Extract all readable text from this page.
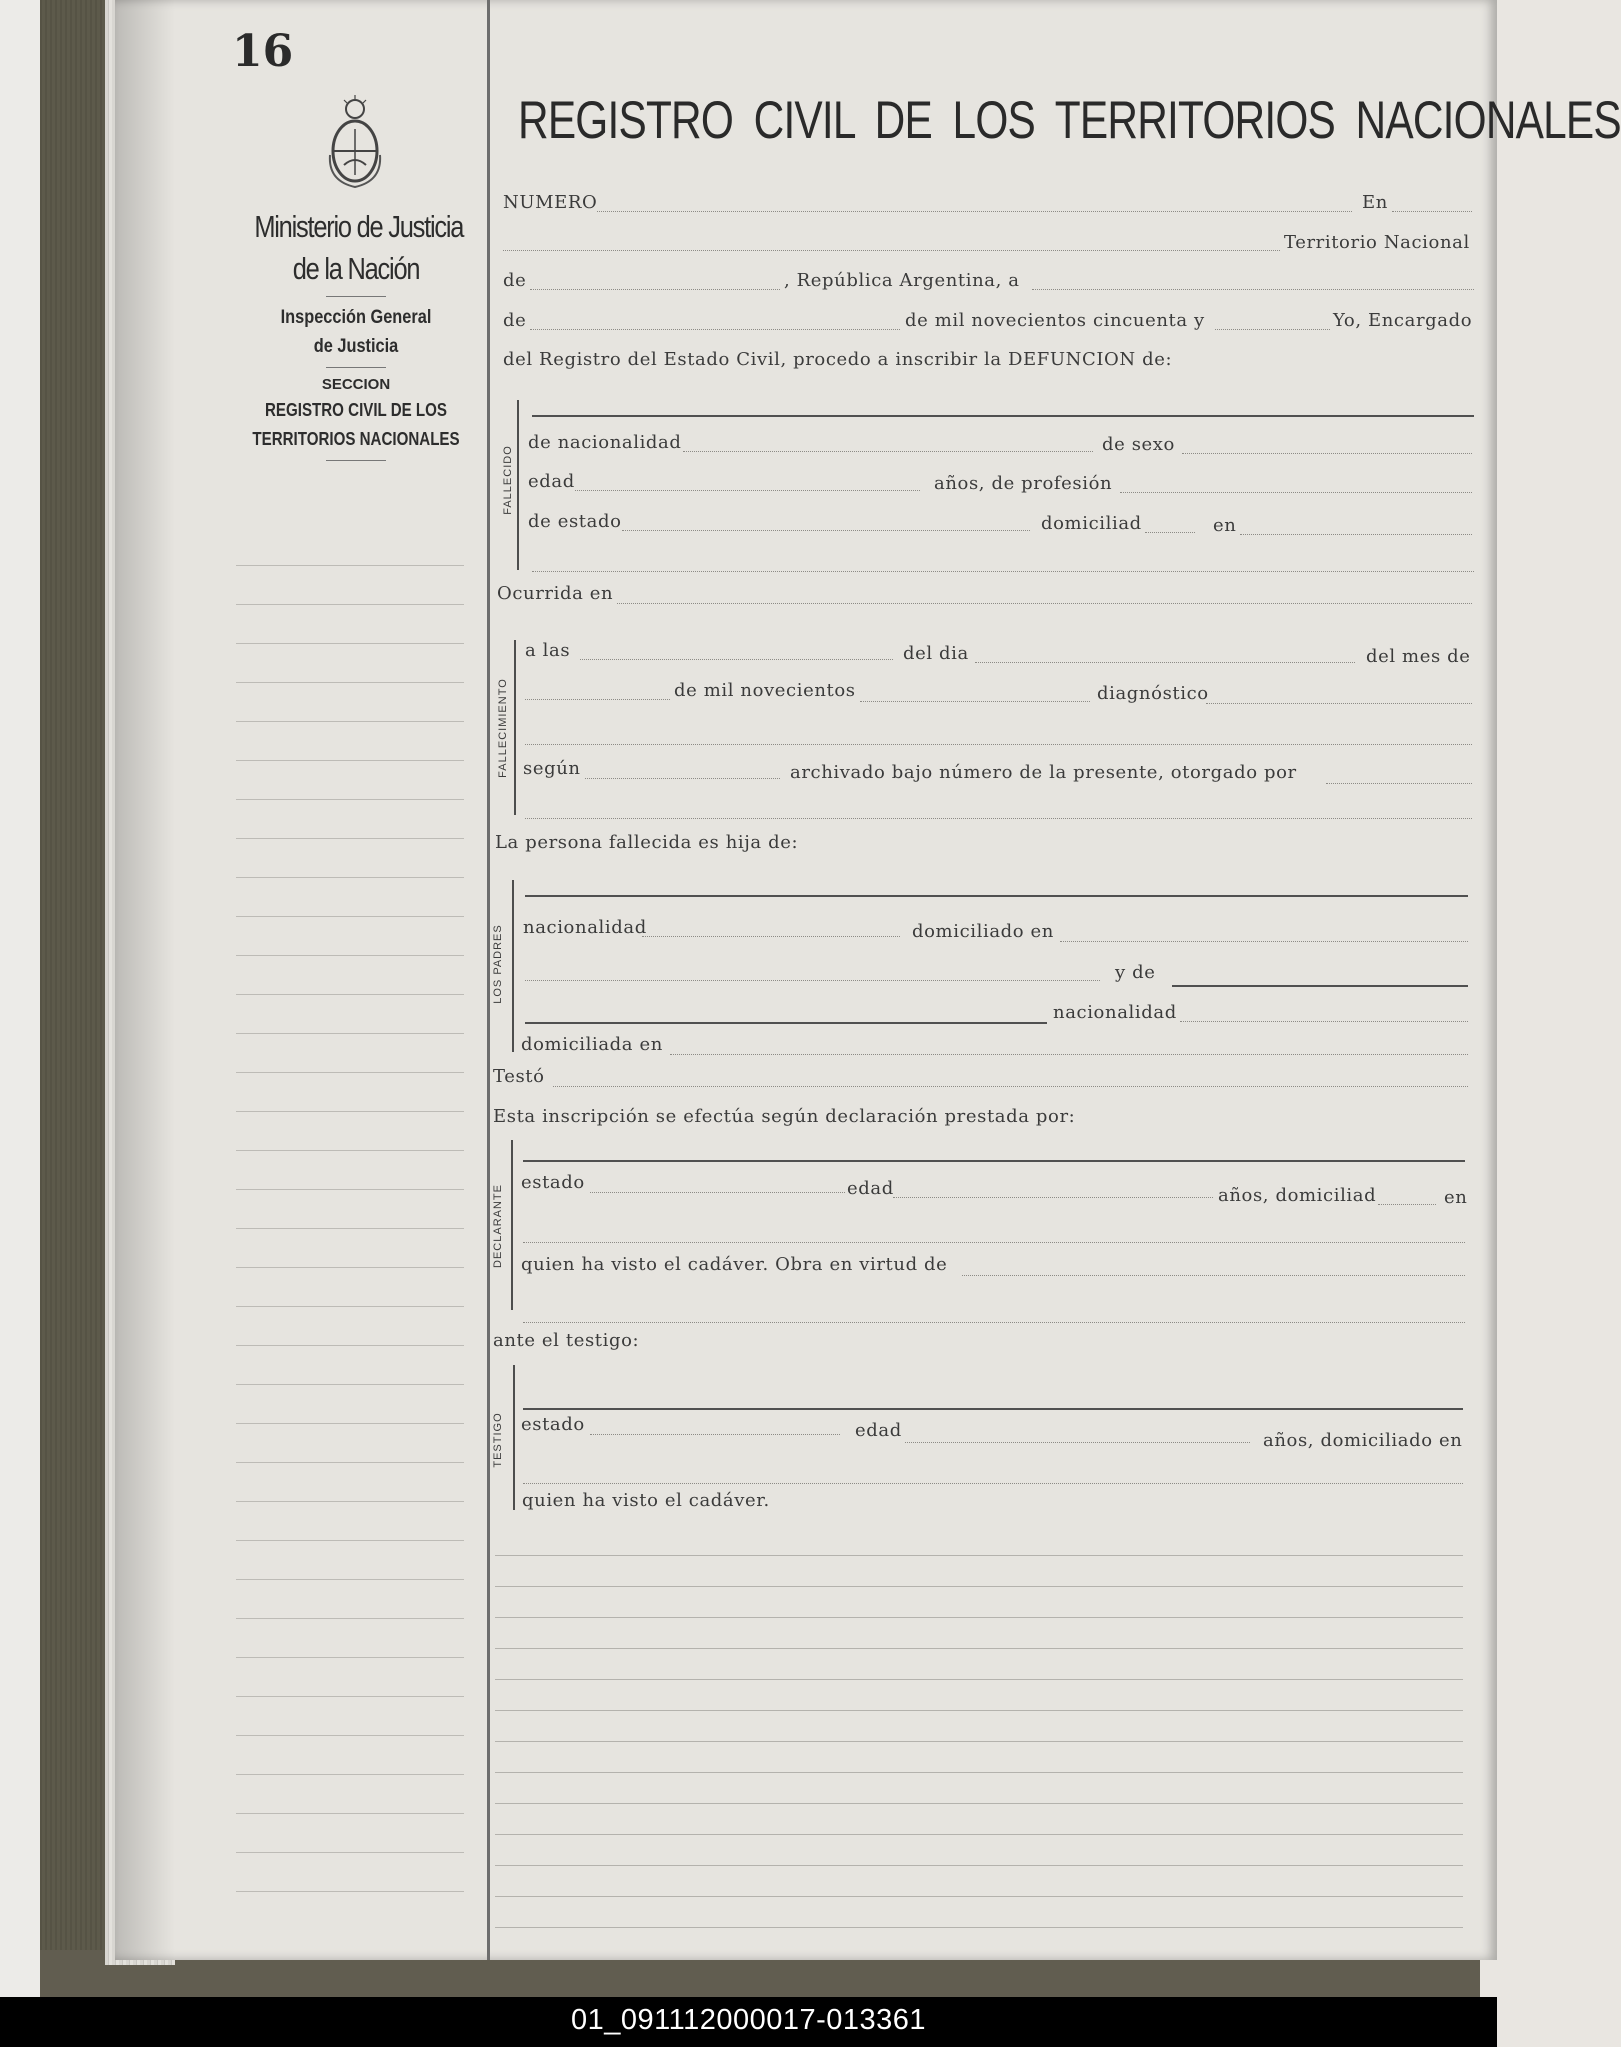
16
Ministerio de Justicia
de la Nación
Inspección General
de Justicia
SECCION
REGISTRO CIVIL DE LOS
TERRITORIOS NACIONALES
REGISTRO CIVIL DE LOS TERRITORIOS NACIONALES
NUMERO	En
Territorio Nacional
de	, República Argentina, a
de	de mil novecientos cincuenta y	Yo, Encargado
del Registro del Estado Civil, procedo a inscribir la DEFUNCION de:
FALLECIDO
de nacionalidad	de sexo
edad	años, de profesión
de estado	domiciliad	en
Ocurrida en
FALLECIMIENTO
a las	del dia	del mes de
de mil novecientos	diagnóstico
según	archivado bajo número de la presente, otorgado por
La persona fallecida es hija de:
LOS PADRES nacionalidad	domiciliado en
y de
nacionalidad
domiciliada en
Testó
Esta inscripción se efectúa según declaración prestada por:
DECLARANTE
estado	edad	años, domiciliad	en
quien ha visto el cadáver. Obra en virtud de
ante el testigo:
TESTIGO estado	edad	años, domiciliado en
quien ha visto el cadáver.
01_091112000017-013361
